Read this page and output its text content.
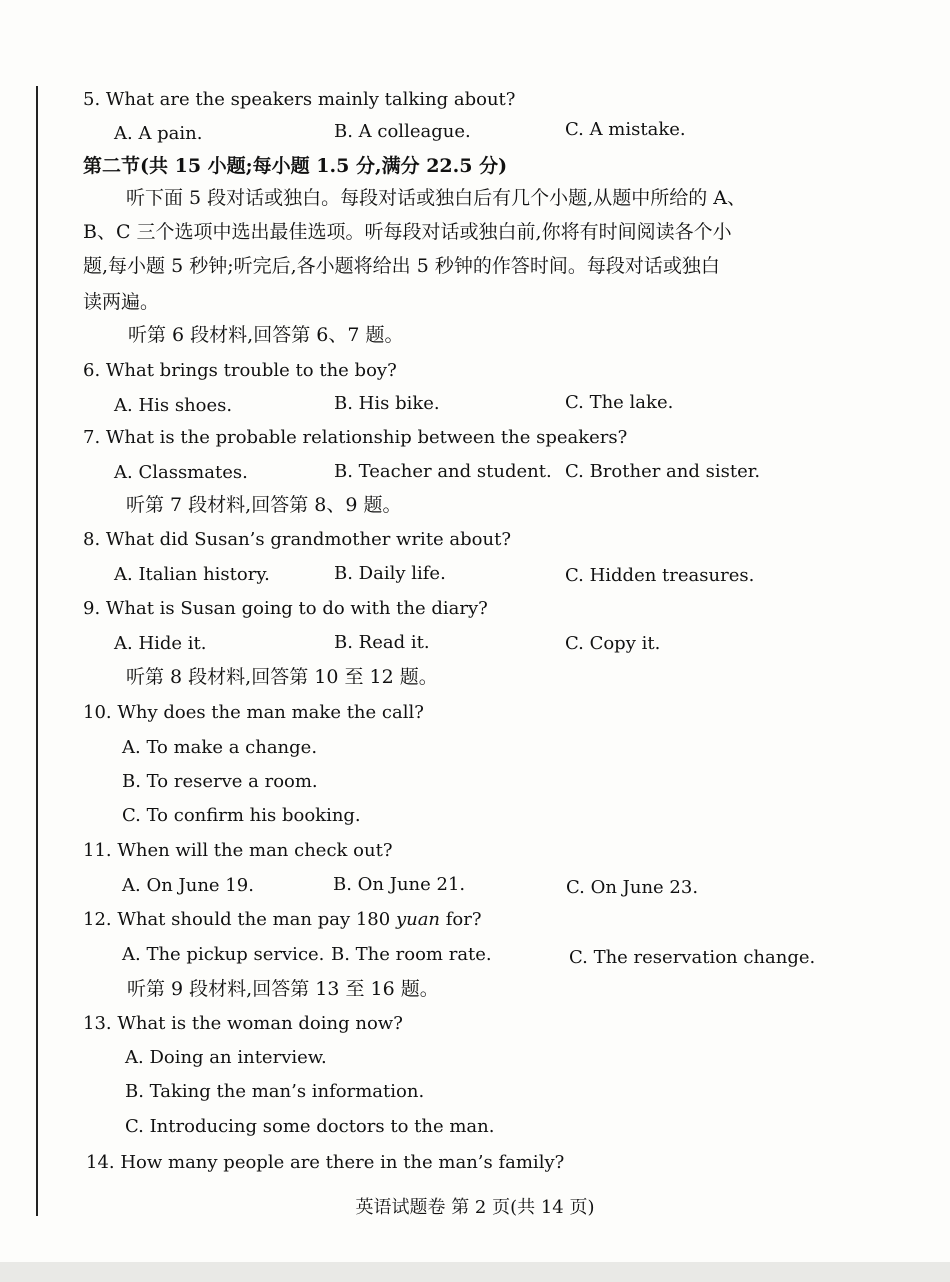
5. What are the speakers mainly talking about?
A. A pain.	B. A colleague.	C. A mistake.
第二节(共 15 小题;每小题 1.5 分,满分 22.5 分)
听下面 5 段对话或独白。每段对话或独白后有几个小题,从题中所给的 A、
B、C 三个选项中选出最佳选项。听每段对话或独白前,你将有时间阅读各个小
题,每小题 5 秒钟;听完后,各小题将给出 5 秒钟的作答时间。每段对话或独白
读两遍。
听第 6 段材料,回答第 6、7 题。
6. What brings trouble to the boy?
A. His shoes.	B. His bike.	C. The lake.
7. What is the probable relationship between the speakers?
A. Classmates.	B. Teacher and student. C. Brother and sister.
听第 7 段材料,回答第 8、9 题。
8. What did Susan’s grandmother write about?
A. Italian history.	B. Daily life.	C. Hidden treasures.
9. What is Susan going to do with the diary?
A. Hide it.	B. Read it.	C. Copy it.
听第 8 段材料,回答第 10 至 12 题。
10. Why does the man make the call?
A. To make a change.
B. To reserve a room.
C. To confirm his booking.
11. When will the man check out?
A. On June 19.	B. On June 21.	C. On June 23.
12. What should the man pay 180 yuan for?
A. The pickup service. B. The room rate.	C. The reservation change.
听第 9 段材料,回答第 13 至 16 题。
13. What is the woman doing now?
A. Doing an interview.
B. Taking the man’s information.
C. Introducing some doctors to the man.
14. How many people are there in the man’s family?
英语试题卷 第 2 页(共 14 页)
